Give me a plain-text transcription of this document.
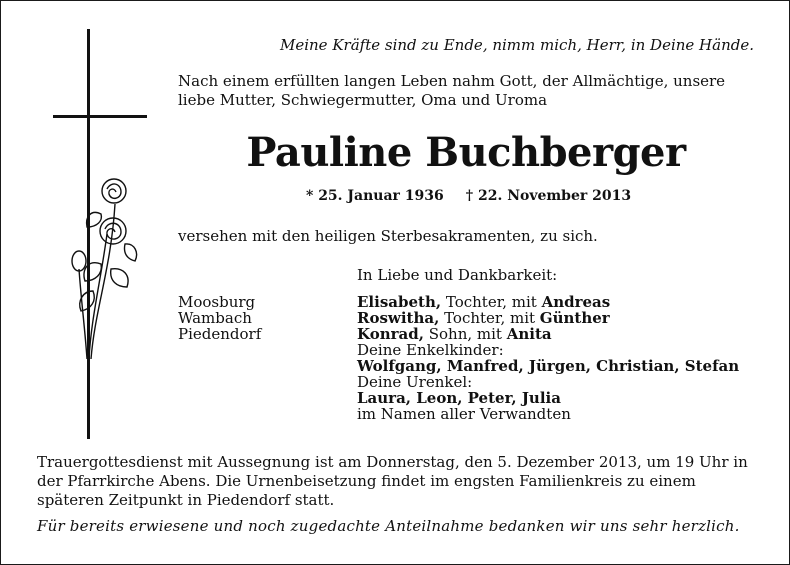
Meine Kräfte sind zu Ende, nimm mich, Herr, in Deine Hände.
Nach einem erfüllten langen Leben nahm Gott, der Allmächtige, unsere
liebe Mutter, Schwiegermutter, Oma und Uroma
Pauline Buchberger
* 25. Januar 1936 † 22. November 2013
versehen mit den heiligen Sterbesakramenten, zu sich.
In Liebe und Dankbarkeit:
Moosburg
Wambach
Piedendorf
Elisabeth, Tochter, mit Andreas
Roswitha, Tochter, mit Günther
Konrad, Sohn, mit Anita
Deine Enkelkinder:
Wolfgang, Manfred, Jürgen, Christian, Stefan
Deine Urenkel:
Laura, Leon, Peter, Julia
im Namen aller Verwandten
Trauergottesdienst mit Aussegnung ist am Donnerstag, den 5. Dezember 2013, um 19 Uhr in der Pfarrkirche Abens. Die Urnenbeisetzung findet im engsten Familienkreis zu einem späteren Zeitpunkt in Piedendorf statt.
Für bereits erwiesene und noch zugedachte Anteilnahme bedanken wir uns sehr herzlich.
